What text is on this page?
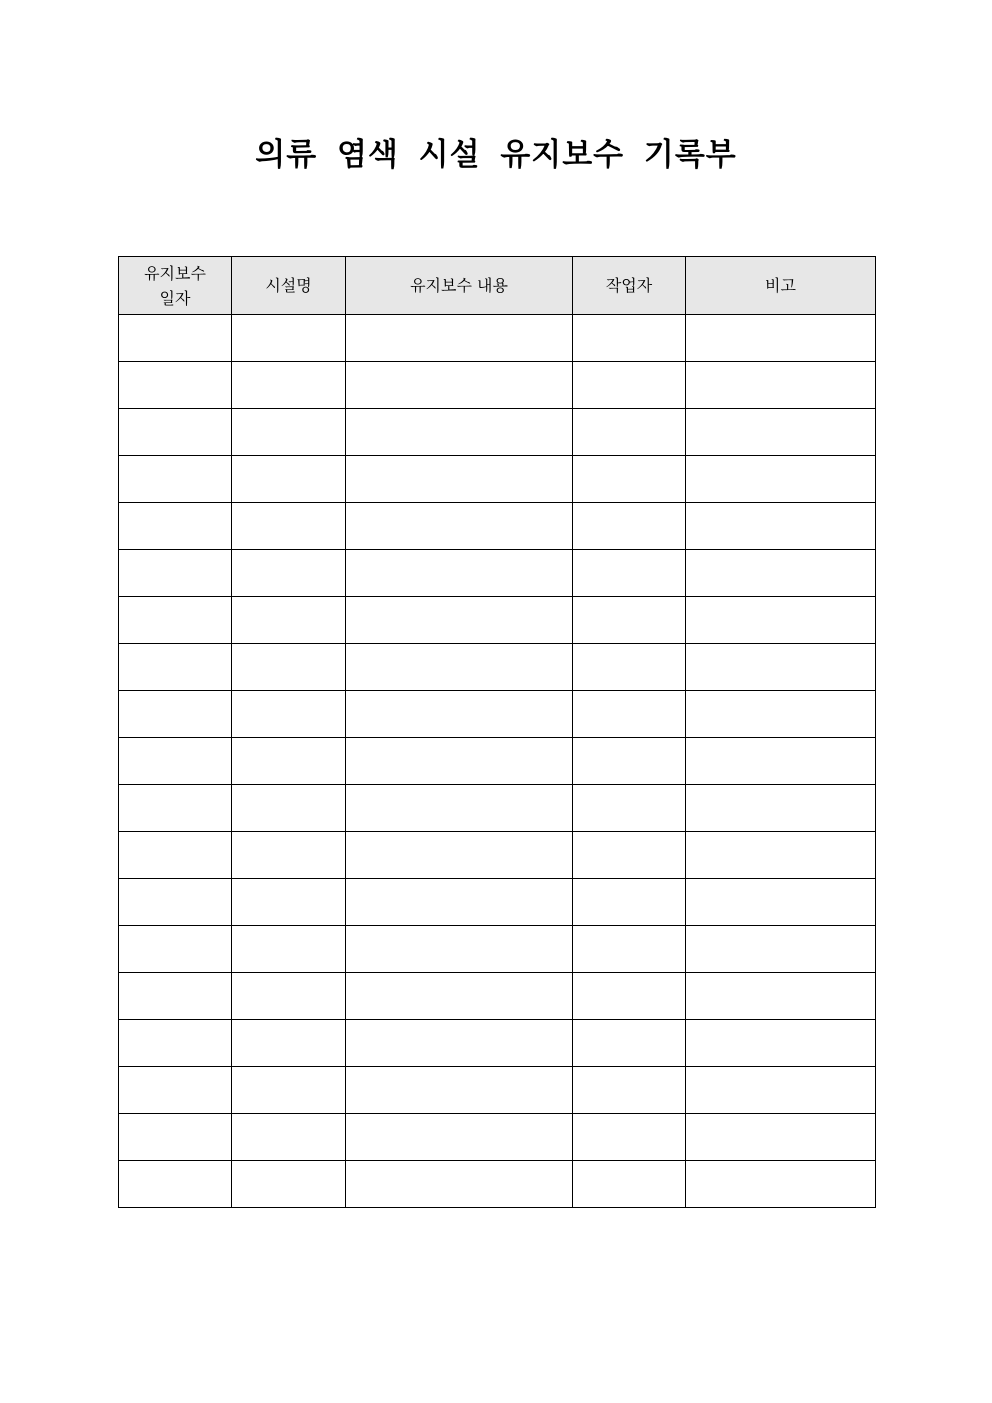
의류 염색 시설 유지보수 기록부
유지보수
일자	시설명	유지보수 내용	작업자	비고
